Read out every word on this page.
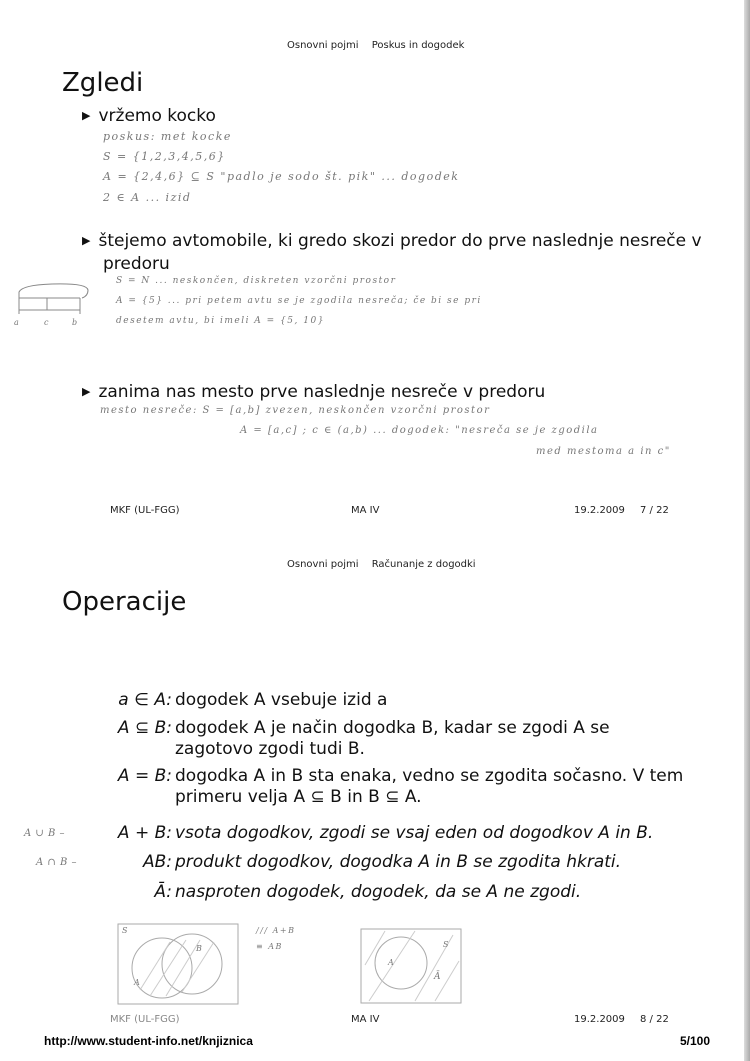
Osnovni pojmi Poskus in dogodek
Zgledi
▶ vržemo kocko
poskus: met kocke
S = {1,2,3,4,5,6}
A = {2,4,6} ⊆ S "padlo je sodo št. pik" ... dogodek
2 ∈ A ... izid
▶ štejemo avtomobile, ki gredo skozi predor do prve naslednje nesreče v
predoru
S = N ... neskončen, diskreten vzorčni prostor
A = {5} ... pri petem avtu se je zgodila nesreča; če bi se pri
desetem avtu, bi imeli A = {5, 10}
a	c	b
▶ zanima nas mesto prve naslednje nesreče v predoru
mesto nesreče: S = [a,b] zvezen, neskončen vzorčni prostor
A = [a,c] ; c ∈ (a,b) ... dogodek: "nesreča se je zgodila
med mestoma a in c"
MKF (UL-FGG)	MA IV	19.2.2009 7 / 22
Osnovni pojmi Računanje z dogodki
Operacije
a ∈ A: dogodek A vsebuje izid a
A ⊆ B: dogodek A je način dogodka B, kadar se zgodi A se
zagotovo zgodi tudi B.
A = B: dogodka A in B sta enaka, vedno se zgodita sočasno. V tem
primeru velja A ⊆ B in B ⊆ A.
A ∪ B –	A + B: vsota dogodkov, zgodi se vsaj eden od dogodkov A in B.
A ∩ B –	AB: produkt dogodkov, dogodka A in B se zgodita hkrati.
Ā: nasproten dogodek, dogodek, da se A ne zgodi.
S
A
B
/// A+B
≡ AB	S
A
Ā
MKF (UL-FGG)	MA IV	19.2.2009 8 / 22
http://www.student-info.net/knjiznica	5/100
